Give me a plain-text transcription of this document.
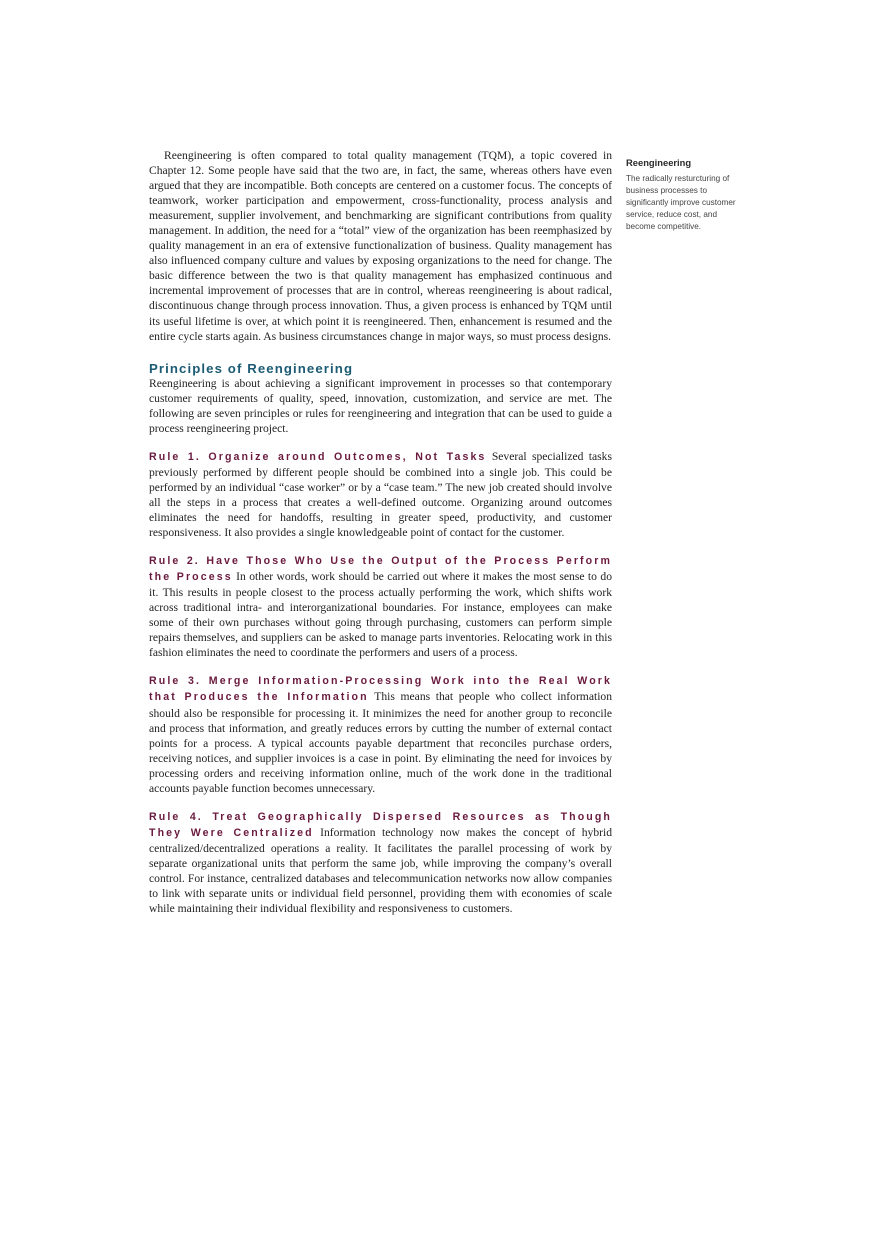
Reengineering is often compared to total quality management (TQM), a topic covered in Chapter 12. Some people have said that the two are, in fact, the same, whereas others have even argued that they are incompatible. Both concepts are centered on a customer focus. The concepts of teamwork, worker participation and empowerment, cross-functionality, process analysis and measurement, supplier involvement, and benchmarking are significant contributions from quality management. In addition, the need for a “total” view of the organization has been reemphasized by quality management in an era of extensive functionalization of business. Quality management has also influenced company culture and values by exposing organizations to the need for change. The basic difference between the two is that quality management has emphasized continuous and incremental improvement of processes that are in control, whereas reengineering is about radical, discontinuous change through process innovation. Thus, a given process is enhanced by TQM until its useful lifetime is over, at which point it is reengineered. Then, enhancement is resumed and the entire cycle starts again. As business circumstances change in major ways, so must process designs.

Principles of Reengineering

Reengineering is about achieving a significant improvement in processes so that contemporary customer requirements of quality, speed, innovation, customization, and service are met. The following are seven principles or rules for reengineering and integration that can be used to guide a process reengineering project.

Rule 1. Organize around Outcomes, Not Tasks Several specialized tasks previously performed by different people should be combined into a single job. This could be performed by an individual “case worker” or by a “case team.” The new job created should involve all the steps in a process that creates a well-defined outcome. Organizing around outcomes eliminates the need for handoffs, resulting in greater speed, productivity, and customer responsiveness. It also provides a single knowledgeable point of contact for the customer.

Rule 2. Have Those Who Use the Output of the Process Perform the Process In other words, work should be carried out where it makes the most sense to do it. This results in people closest to the process actually performing the work, which shifts work across traditional intra- and interorganizational boundaries. For instance, employees can make some of their own purchases without going through purchasing, customers can perform simple repairs themselves, and suppliers can be asked to manage parts inventories. Relocating work in this fashion eliminates the need to coordinate the performers and users of a process.

Rule 3. Merge Information-Processing Work into the Real Work that Produces the Information This means that people who collect information should also be responsible for processing it. It minimizes the need for another group to reconcile and process that information, and greatly reduces errors by cutting the number of external contact points for a process. A typical accounts payable department that reconciles purchase orders, receiving notices, and supplier invoices is a case in point. By eliminating the need for invoices by processing orders and receiving information online, much of the work done in the traditional accounts payable function becomes unnecessary.

Rule 4. Treat Geographically Dispersed Resources as Though They Were Centralized Information technology now makes the concept of hybrid centralized/decentralized operations a reality. It facilitates the parallel processing of work by separate organizational units that perform the same job, while improving the company’s overall control. For instance, centralized databases and telecommunication networks now allow companies to link with separate units or individual field personnel, providing them with economies of scale while maintaining their individual flexibility and responsiveness to customers.

Reengineering
The radically resturcturing of business processes to significantly improve customer service, reduce cost, and become competitive.
